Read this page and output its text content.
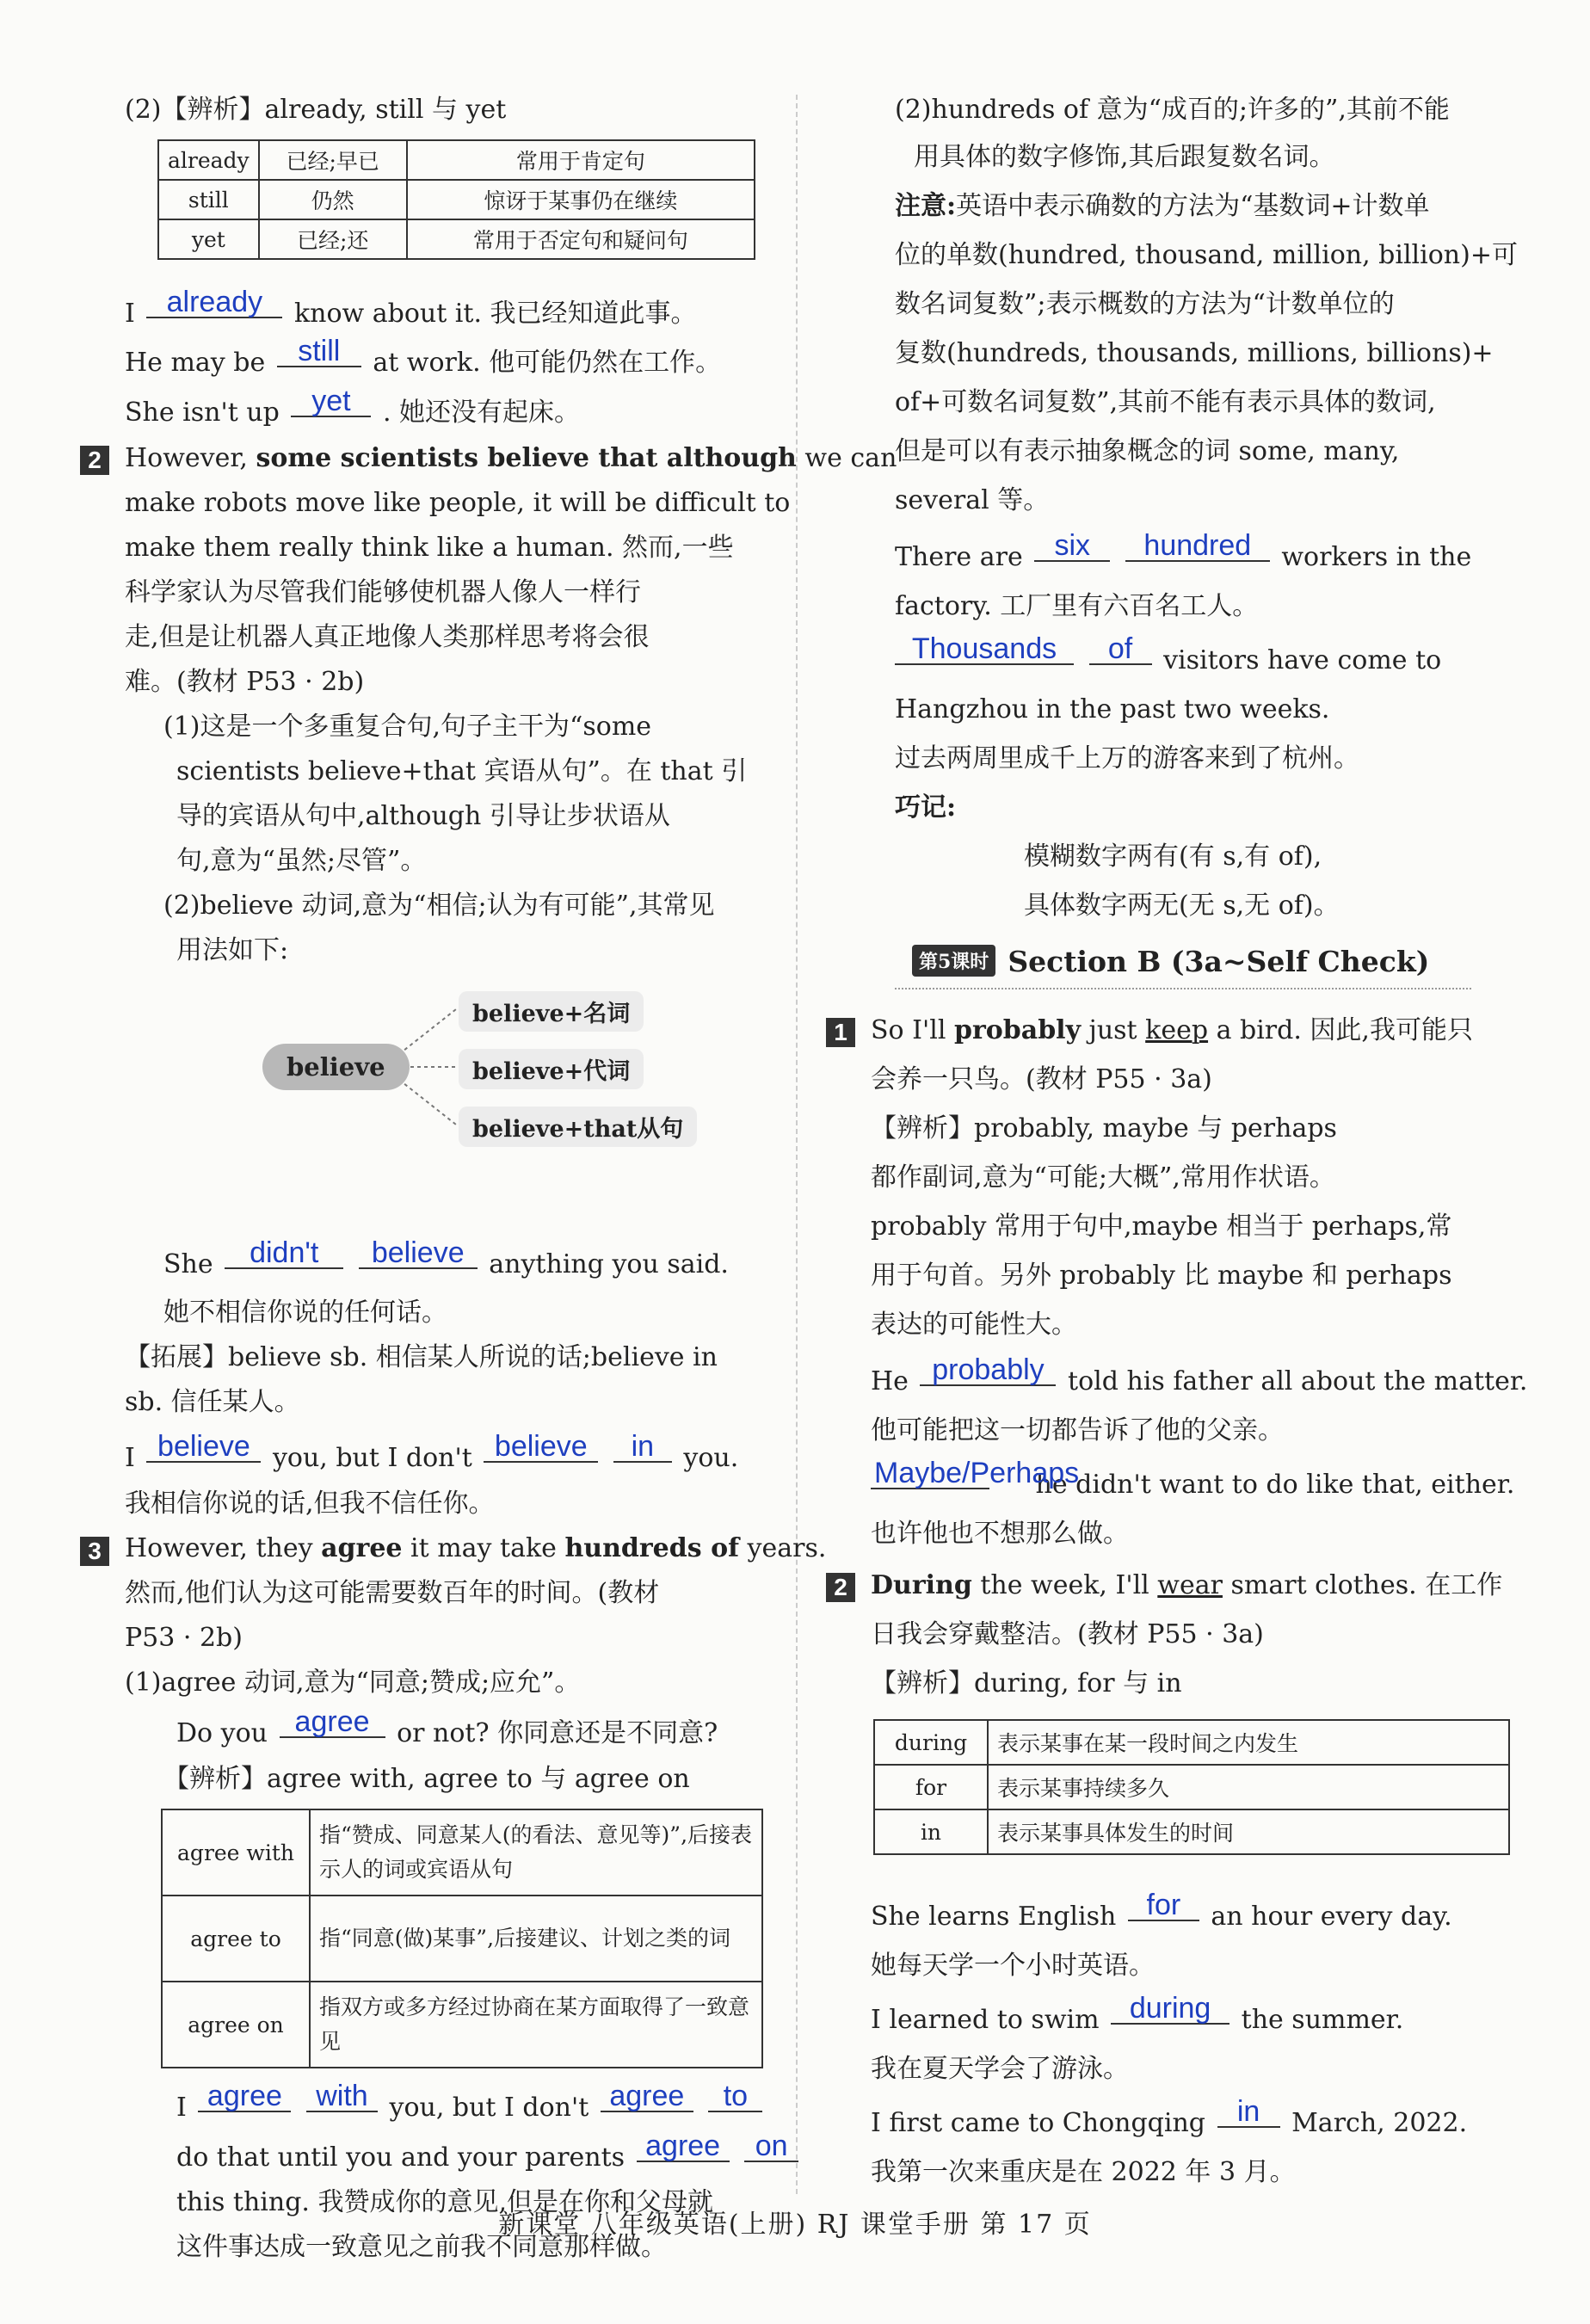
(2)【辨析】already, still 与 yet
already	已经;早已	常用于肯定句
still	仍然	惊讶于某事仍在继续
yet	已经;还	常用于否定句和疑问句
I already know about it. 我已经知道此事。
He may be still at work. 他可能仍然在工作。
She isn't up yet . 她还没有起床。
2 However, some scientists believe that although we can
make robots move like people, it will be difficult to
make them really think like a human. 然而,一些
科学家认为尽管我们能够使机器人像人一样行
走,但是让机器人真正地像人类那样思考将会很
难。(教材 P53 · 2b)
(1)这是一个多重复合句,句子主干为“some
scientists believe+that 宾语从句”。在 that 引
导的宾语从句中,although 引导让步状语从
句,意为“虽然;尽管”。
(2)believe 动词,意为“相信;认为有可能”,其常见
用法如下:
believe
believe+名词
believe+代词
believe+that从句
She didn't believe anything you said.
她不相信你说的任何话。
【拓展】believe sb. 相信某人所说的话;believe in
sb. 信任某人。
I believe you, but I don't believe in you.
我相信你说的话,但我不信任你。
3 However, they agree it may take hundreds of years.
然而,他们认为这可能需要数百年的时间。(教材
P53 · 2b)
(1)agree 动词,意为“同意;赞成;应允”。
Do you agree or not? 你同意还是不同意?
【辨析】agree with, agree to 与 agree on
agree with	指“赞成、同意某人(的看法、意见等)”,后接表示人的词或宾语从句
agree to	指“同意(做)某事”,后接建议、计划之类的词
agree on	指双方或多方经过协商在某方面取得了一致意见
I agree with you, but I don't agree to
do that until you and your parents agree on
this thing. 我赞成你的意见,但是在你和父母就
这件事达成一致意见之前我不同意那样做。
(2)hundreds of 意为“成百的;许多的”,其前不能
用具体的数字修饰,其后跟复数名词。
注意:英语中表示确数的方法为“基数词+计数单
位的单数(hundred, thousand, million, billion)+可
数名词复数”;表示概数的方法为“计数单位的
复数(hundreds, thousands, millions, billions)+
of+可数名词复数”,其前不能有表示具体的数词,
但是可以有表示抽象概念的词 some, many,
several 等。
There are six hundred workers in the
factory. 工厂里有六百名工人。
Thousands of visitors have come to
Hangzhou in the past two weeks.
过去两周里成千上万的游客来到了杭州。
巧记:
模糊数字两有(有 s,有 of),
具体数字两无(无 s,无 of)。
第5课时 Section B (3a~Self Check)
1 So I'll probably just keep a bird. 因此,我可能只
会养一只鸟。(教材 P55 · 3a)
【辨析】probably, maybe 与 perhaps
都作副词,意为“可能;大概”,常用作状语。
probably 常用于句中,maybe 相当于 perhaps,常
用于句首。另外 probably 比 maybe 和 perhaps
表达的可能性大。
He probably told his father all about the matter.
他可能把这一切都告诉了他的父亲。
Maybe/Perhaps he didn't want to do like that, either.
也许他也不想那么做。
2 During the week, I'll wear smart clothes. 在工作
日我会穿戴整洁。(教材 P55 · 3a)
【辨析】during, for 与 in
during	表示某事在某一段时间之内发生
for	表示某事持续多久
in	表示某事具体发生的时间
She learns English for an hour every day.
她每天学一个小时英语。
I learned to swim during the summer.
我在夏天学会了游泳。
I first came to Chongqing in March, 2022.
我第一次来重庆是在 2022 年 3 月。
新课堂 八年级英语(上册) RJ 课堂手册 第 17 页
